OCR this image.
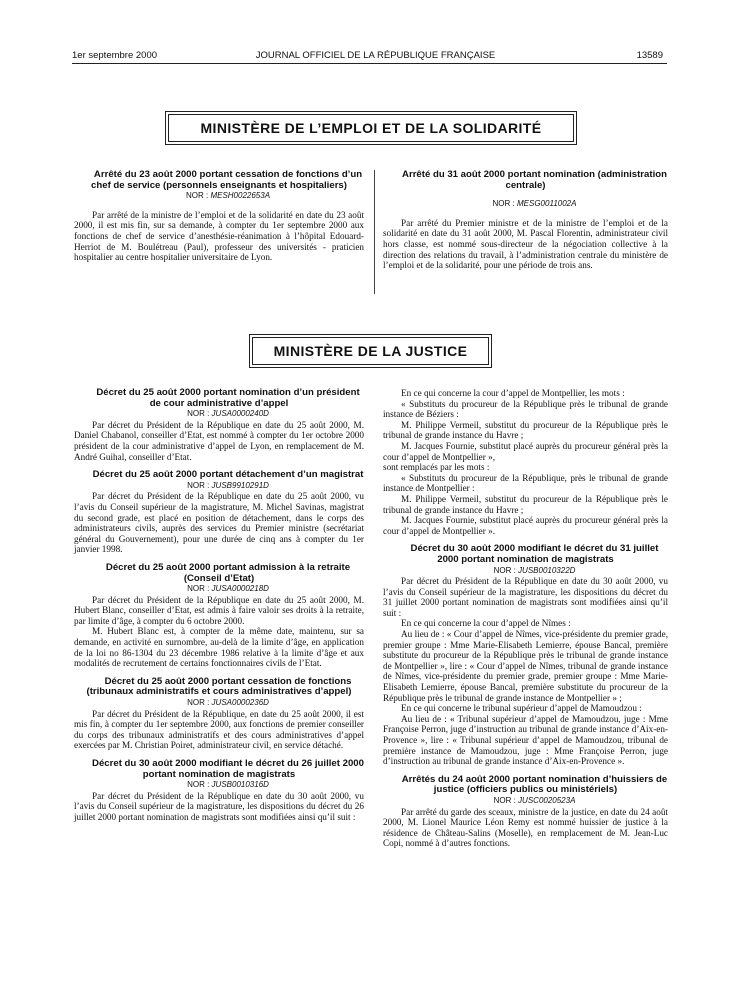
1er septembre 2000	JOURNAL OFFICIEL DE LA RÉPUBLIQUE FRANÇAISE	13589
MINISTÈRE DE L’EMPLOI ET DE LA SOLIDARITÉ

Arrêté du 23 août 2000 portant cessation de fonctions d’un chef de service (personnels enseignants et hospitaliers)

NOR : MESH0022653A

Par arrêté de la ministre de l’emploi et de la solidarité en date du 23 août 2000, il est mis fin, sur sa demande, à compter du 1er septembre 2000 aux fonctions de chef de service d’anesthésie-réanimation à l’hôpital Edouard-Herriot de M. Boulétreau (Paul), professeur des universités - praticien hospitalier au centre hospitalier universitaire de Lyon.

Arrêté du 31 août 2000 portant nomination (administration centrale)

NOR : MESG0011002A

Par arrêté du Premier ministre et de la ministre de l’emploi et de la solidarité en date du 31 août 2000, M. Pascal Florentin, administrateur civil hors classe, est nommé sous-directeur de la négociation collective à la direction des relations du travail, à l’administration centrale du ministère de l’emploi et de la solidarité, pour une période de trois ans.

MINISTÈRE DE LA JUSTICE

Décret du 25 août 2000 portant nomination d’un président de cour administrative d’appel

NOR : JUSA0000240D

Par décret du Président de la République en date du 25 août 2000, M. Daniel Chabanol, conseiller d’Etat, est nommé à compter du 1er octobre 2000 président de la cour administrative d’appel de Lyon, en remplacement de M. André Guihal, conseiller d’Etat.

Décret du 25 août 2000 portant détachement d’un magistrat

NOR : JUSB9910291D

Par décret du Président de la République en date du 25 août 2000, vu l’avis du Conseil supérieur de la magistrature, M. Michel Savinas, magistrat du second grade, est placé en position de détachement, dans le corps des administrateurs civils, auprès des services du Premier ministre (secrétariat général du Gouvernement), pour une durée de cinq ans à compter du 1er janvier 1998.

Décret du 25 août 2000 portant admission à la retraite (Conseil d’Etat)

NOR : JUSA0000218D

Par décret du Président de la République en date du 25 août 2000, M. Hubert Blanc, conseiller d’Etat, est admis à faire valoir ses droits à la retraite, par limite d’âge, à compter du 6 octobre 2000.

M. Hubert Blanc est, à compter de la même date, maintenu, sur sa demande, en activité en surnombre, au-delà de la limite d’âge, en application de la loi no 86-1304 du 23 décembre 1986 relative à la limite d’âge et aux modalités de recrutement de certains fonctionnaires civils de l’Etat.

Décret du 25 août 2000 portant cessation de fonctions (tribunaux administratifs et cours administratives d’appel)

NOR : JUSA0000236D

Par décret du Président de la République, en date du 25 août 2000, il est mis fin, à compter du 1er septembre 2000, aux fonctions de premier conseiller du corps des tribunaux administratifs et des cours administratives d’appel exercées par M. Christian Poiret, administrateur civil, en service détaché.

Décret du 30 août 2000 modifiant le décret du 26 juillet 2000 portant nomination de magistrats

NOR : JUSB0010316D

Par décret du Président de la République en date du 30 août 2000, vu l’avis du Conseil supérieur de la magistrature, les dispositions du décret du 26 juillet 2000 portant nomination de magistrats sont modifiées ainsi qu’il suit :

En ce qui concerne la cour d’appel de Montpellier, les mots :

« Substituts du procureur de la République près le tribunal de grande instance de Béziers :

M. Philippe Vermeil, substitut du procureur de la République près le tribunal de grande instance du Havre ;

M. Jacques Fournie, substitut placé auprès du procureur général près la cour d’appel de Montpellier »,

sont remplacés par les mots :

« Substituts du procureur de la République, près le tribunal de grande instance de Montpellier :

M. Philippe Vermeil, substitut du procureur de la République près le tribunal de grande instance du Havre ;

M. Jacques Fournie, substitut placé auprès du procureur général près la cour d’appel de Montpellier ».

Décret du 30 août 2000 modifiant le décret du 31 juillet 2000 portant nomination de magistrats

NOR : JUSB0010322D

Par décret du Président de la République en date du 30 août 2000, vu l’avis du Conseil supérieur de la magistrature, les dispositions du décret du 31 juillet 2000 portant nomination de magistrats sont modifiées ainsi qu’il suit :

En ce qui concerne la cour d’appel de Nîmes :

Au lieu de : « Cour d’appel de Nîmes, vice-présidente du premier grade, premier groupe : Mme Marie-Elisabeth Lemierre, épouse Bancal, première substitute du procureur de la République près le tribunal de grande instance de Montpellier », lire : « Cour d’appel de Nîmes, tribunal de grande instance de Nîmes, vice-présidente du premier grade, premier groupe : Mme Marie-Elisabeth Lemierre, épouse Bancal, première substitute du procureur de la République près le tribunal de grande instance de Montpellier » ;

En ce qui concerne le tribunal supérieur d’appel de Mamoudzou :

Au lieu de : « Tribunal supérieur d’appel de Mamoudzou, juge : Mme Françoise Perron, juge d’instruction au tribunal de grande instance d’Aix-en-Provence », lire : « Tribunal supérieur d’appel de Mamoudzou, tribunal de première instance de Mamoudzou, juge : Mme Françoise Perron, juge d’instruction au tribunal de grande instance d’Aix-en-Provence ».

Arrêtés du 24 août 2000 portant nomination d’huissiers de justice (officiers publics ou ministériels)

NOR : JUSC0020523A

Par arrêté du garde des sceaux, ministre de la justice, en date du 24 août 2000, M. Lionel Maurice Léon Remy est nommé huissier de justice à la résidence de Château-Salins (Moselle), en remplacement de M. Jean-Luc Copi, nommé à d’autres fonctions.
